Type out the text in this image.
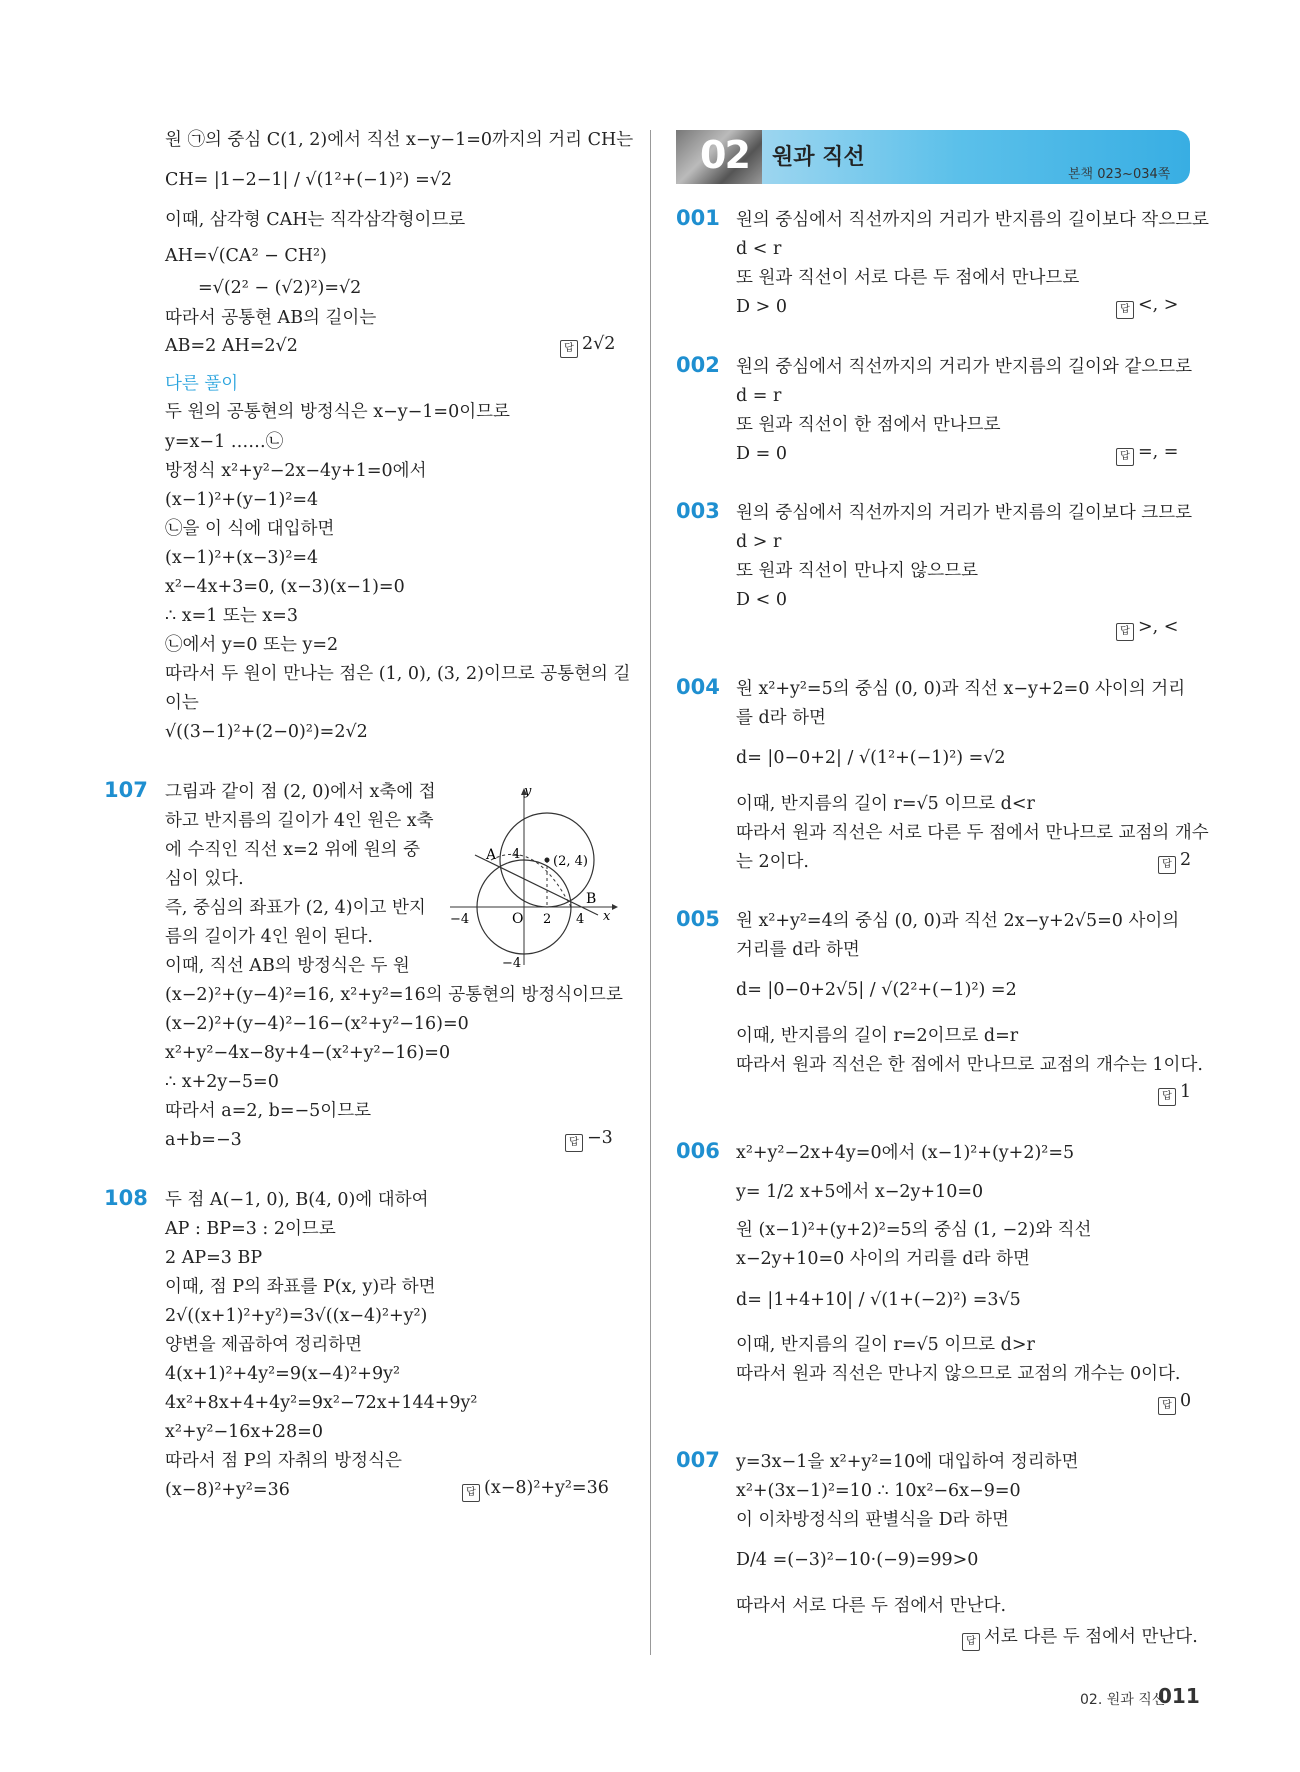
원 ㉠의 중심 C(1, 2)에서 직선 x−y−1=0까지의 거리 CH는
CH= |1−2−1| / √(1²+(−1)²) =√2
이때, 삼각형 CAH는 직각삼각형이므로
AH=√(CA² − CH²)
=√(2² − (√2)²)=√2
따라서 공통현 AB의 길이는
AB=2 AH=2√2	답 2√2
다른 풀이
두 원의 공통현의 방정식은 x−y−1=0이므로
y=x−1 ……㉡
방정식 x²+y²−2x−4y+1=0에서
(x−1)²+(y−1)²=4
㉡을 이 식에 대입하면
(x−1)²+(x−3)²=4
x²−4x+3=0, (x−3)(x−1)=0
∴ x=1 또는 x=3
㉡에서 y=0 또는 y=2
따라서 두 원이 만나는 점은 (1, 0), (3, 2)이므로 공통현의 길
이는
√((3−1)²+(2−0)²)=2√2
107 그림과 같이 점 (2, 0)에서 x축에 접
하고 반지름의 길이가 4인 원은 x축
에 수직인 직선 x=2 위에 원의 중
심이 있다.
즉, 중심의 좌표가 (2, 4)이고 반지
름의 길이가 4인 원이 된다.
이때, 직선 AB의 방정식은 두 원
(x−2)²+(y−4)²=16, x²+y²=16의 공통현의 방정식이므로
(x−2)²+(y−4)²−16−(x²+y²−16)=0
x²+y²−4x−8y+4−(x²+y²−16)=0
∴ x+2y−5=0
따라서 a=2, b=−5이므로
a+b=−3	답 −3
y
x
A
B
O
4
−4	2 4
−4
(2, 4)
108 두 점 A(−1, 0), B(4, 0)에 대하여
AP : BP=3 : 2이므로
2 AP=3 BP
이때, 점 P의 좌표를 P(x, y)라 하면
2√((x+1)²+y²)=3√((x−4)²+y²)
양변을 제곱하여 정리하면
4(x+1)²+4y²=9(x−4)²+9y²
4x²+8x+4+4y²=9x²−72x+144+9y²
x²+y²−16x+28=0
따라서 점 P의 자취의 방정식은
(x−8)²+y²=36	답 (x−8)²+y²=36
02 원과 직선
본책 023~034쪽
001 원의 중심에서 직선까지의 거리가 반지름의 길이보다 작으므로
d < r
또 원과 직선이 서로 다른 두 점에서 만나므로
D > 0	답 <, >
002 원의 중심에서 직선까지의 거리가 반지름의 길이와 같으므로
d = r
또 원과 직선이 한 점에서 만나므로
D = 0	답 =, =
003 원의 중심에서 직선까지의 거리가 반지름의 길이보다 크므로
d > r
또 원과 직선이 만나지 않으므로
D < 0
답 >, <
004 원 x²+y²=5의 중심 (0, 0)과 직선 x−y+2=0 사이의 거리
를 d라 하면
d= |0−0+2| / √(1²+(−1)²) =√2
이때, 반지름의 길이 r=√5 이므로 d<r
따라서 원과 직선은 서로 다른 두 점에서 만나므로 교점의 개수
는 2이다.	답 2
005 원 x²+y²=4의 중심 (0, 0)과 직선 2x−y+2√5=0 사이의
거리를 d라 하면
d= |0−0+2√5| / √(2²+(−1)²) =2
이때, 반지름의 길이 r=2이므로 d=r
따라서 원과 직선은 한 점에서 만나므로 교점의 개수는 1이다.
답 1
006 x²+y²−2x+4y=0에서 (x−1)²+(y+2)²=5
y= 1/2 x+5에서 x−2y+10=0
원 (x−1)²+(y+2)²=5의 중심 (1, −2)와 직선
x−2y+10=0 사이의 거리를 d라 하면
d= |1+4+10| / √(1+(−2)²) =3√5
이때, 반지름의 길이 r=√5 이므로 d>r
따라서 원과 직선은 만나지 않으므로 교점의 개수는 0이다.
답 0
007 y=3x−1을 x²+y²=10에 대입하여 정리하면
x²+(3x−1)²=10 ∴ 10x²−6x−9=0
이 이차방정식의 판별식을 D라 하면
D/4 =(−3)²−10·(−9)=99>0
따라서 서로 다른 두 점에서 만난다.
답 서로 다른 두 점에서 만난다.
02. 원과 직선
011
